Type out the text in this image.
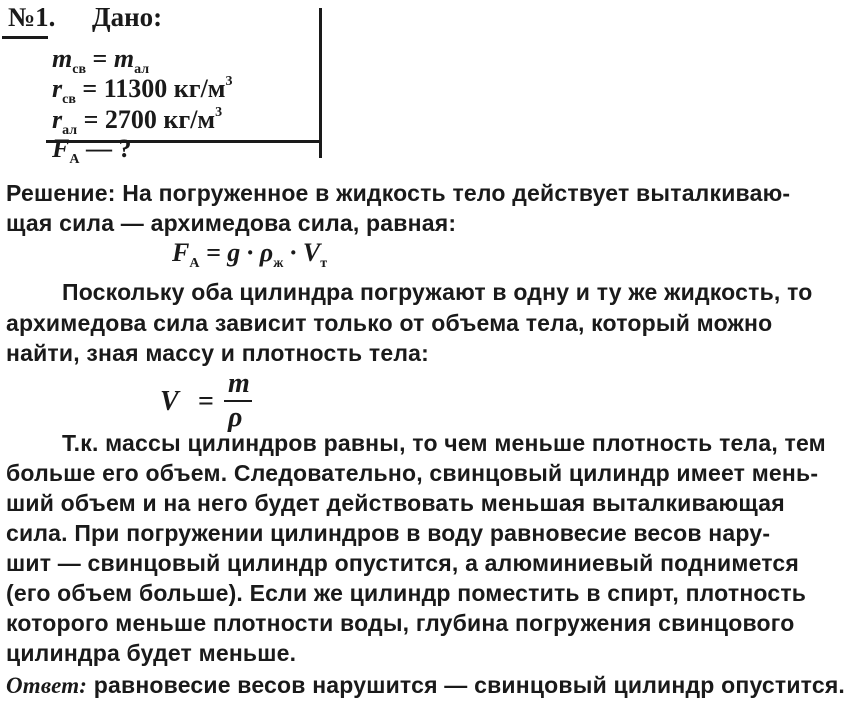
№1. Дано:
$m_{св} = m_{ал}$
$r_{св} = 11300$ $кг/м^3$
$r_{ал} = 2700$ $кг/м^3$
$F_A$ — ?
Решение: На погруженное в жидкость тело действует выталкиваю-
щая сила — архимедова сила, равная:
$F_A = g \cdot \rho_ж \cdot V_т$
Поскольку оба цилиндра погружают в одну и ту же жидкость, то
архимедова сила зависит только от объема тела, который можно
найти, зная массу и плотность тела:
V =
m
ρ
Т.к. массы цилиндров равны, то чем меньше плотность тела, тем
больше его объем. Следовательно, свинцовый цилиндр имеет мень-
ший объем и на него будет действовать меньшая выталкивающая
сила. При погружении цилиндров в воду равновесие весов нару-
шит — свинцовый цилиндр опустится, а алюминиевый поднимется
(его объем больше). Если же цилиндр поместить в спирт, плотность
которого меньше плотности воды, глубина погружения свинцового
цилиндра будет меньше.
Ответ: равновесие весов нарушится — свинцовый цилиндр опустится.
